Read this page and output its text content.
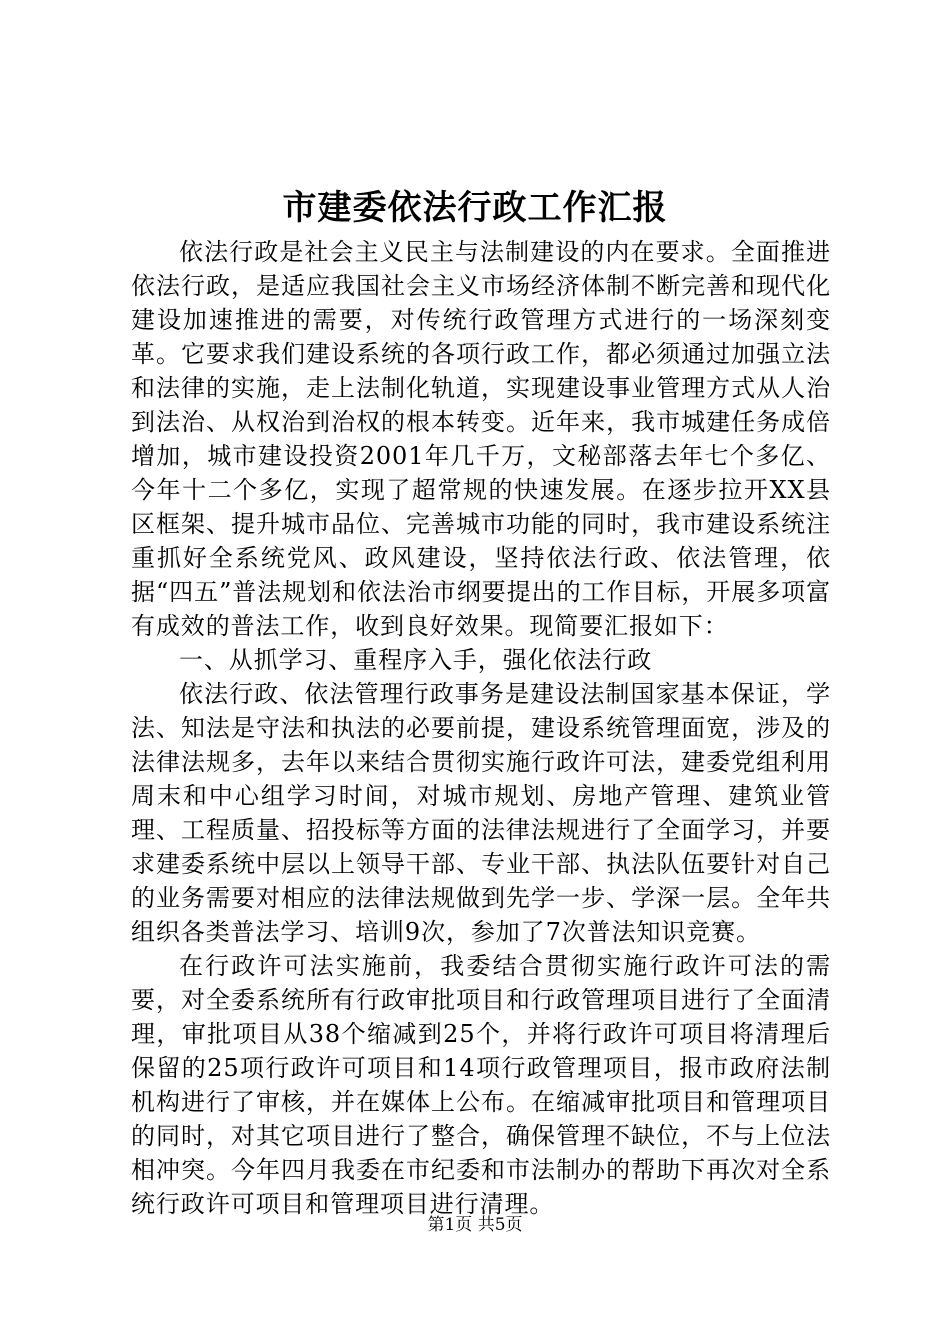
市建委依法行政工作汇报

依法行政是社会主义民主与法制建设的内在要求。全面推进依法行政，是适应我国社会主义市场经济体制不断完善和现代化建设加速推进的需要，对传统行政管理方式进行的一场深刻变革。它要求我们建设系统的各项行政工作，都必须通过加强立法和法律的实施，走上法制化轨道，实现建设事业管理方式从人治到法治、从权治到治权的根本转变。近年来，我市城建任务成倍增加，城市建设投资2001年几千万，文秘部落去年七个多亿、今年十二个多亿，实现了超常规的快速发展。在逐步拉开XX县区框架、提升城市品位、完善城市功能的同时，我市建设系统注重抓好全系统党风、政风建设，坚持依法行政、依法管理，依据“四五”普法规划和依法治市纲要提出的工作目标，开展多项富有成效的普法工作，收到良好效果。现简要汇报如下：

一、从抓学习、重程序入手，强化依法行政

依法行政、依法管理行政事务是建设法制国家基本保证，学法、知法是守法和执法的必要前提，建设系统管理面宽，涉及的法律法规多，去年以来结合贯彻实施行政许可法，建委党组利用周末和中心组学习时间，对城市规划、房地产管理、建筑业管理、工程质量、招投标等方面的法律法规进行了全面学习，并要求建委系统中层以上领导干部、专业干部、执法队伍要针对自己的业务需要对相应的法律法规做到先学一步、学深一层。全年共组织各类普法学习、培训9次，参加了7次普法知识竞赛。

在行政许可法实施前，我委结合贯彻实施行政许可法的需要，对全委系统所有行政审批项目和行政管理项目进行了全面清理，审批项目从38个缩减到25个，并将行政许可项目将清理后保留的25项行政许可项目和14项行政管理项目，报市政府法制机构进行了审核，并在媒体上公布。在缩减审批项目和管理项目的同时，对其它项目进行了整合，确保管理不缺位，不与上位法相冲突。今年四月我委在市纪委和市法制办的帮助下再次对全系统行政许可项目和管理项目进行清理。

第1页 共5页
